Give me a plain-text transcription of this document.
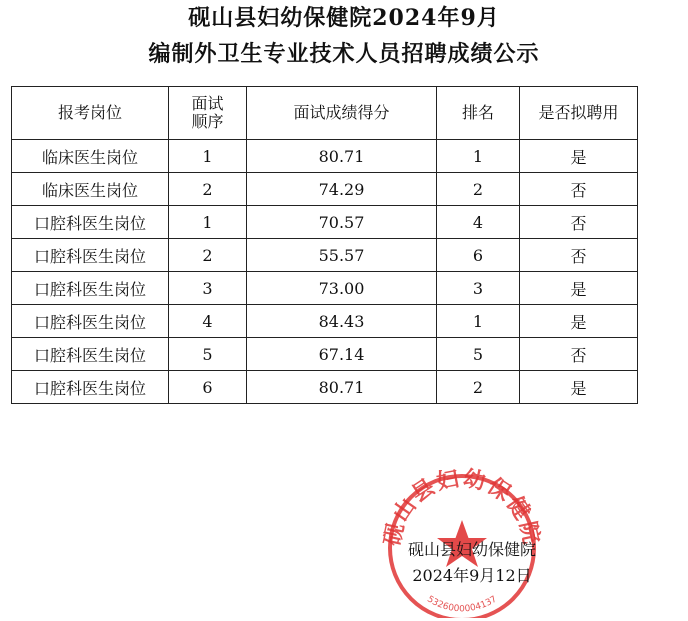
砚山县妇幼保健院2024年9月
编制外卫生专业技术人员招聘成绩公示
报考岗位	面试顺序	面试成绩得分	排名	是否拟聘用
临床医生岗位	1	80.71	1	是
临床医生岗位	2	74.29	2	否
口腔科医生岗位	1	70.57	4	否
口腔科医生岗位	2	55.57	6	否
口腔科医生岗位	3	73.00	3	是
口腔科医生岗位	4	84.43	1	是
口腔科医生岗位	5	67.14	5	否
口腔科医生岗位	6	80.71	2	是
砚山县妇幼保健院
5326000004137
砚山县妇幼保健院
2024年9月12日
